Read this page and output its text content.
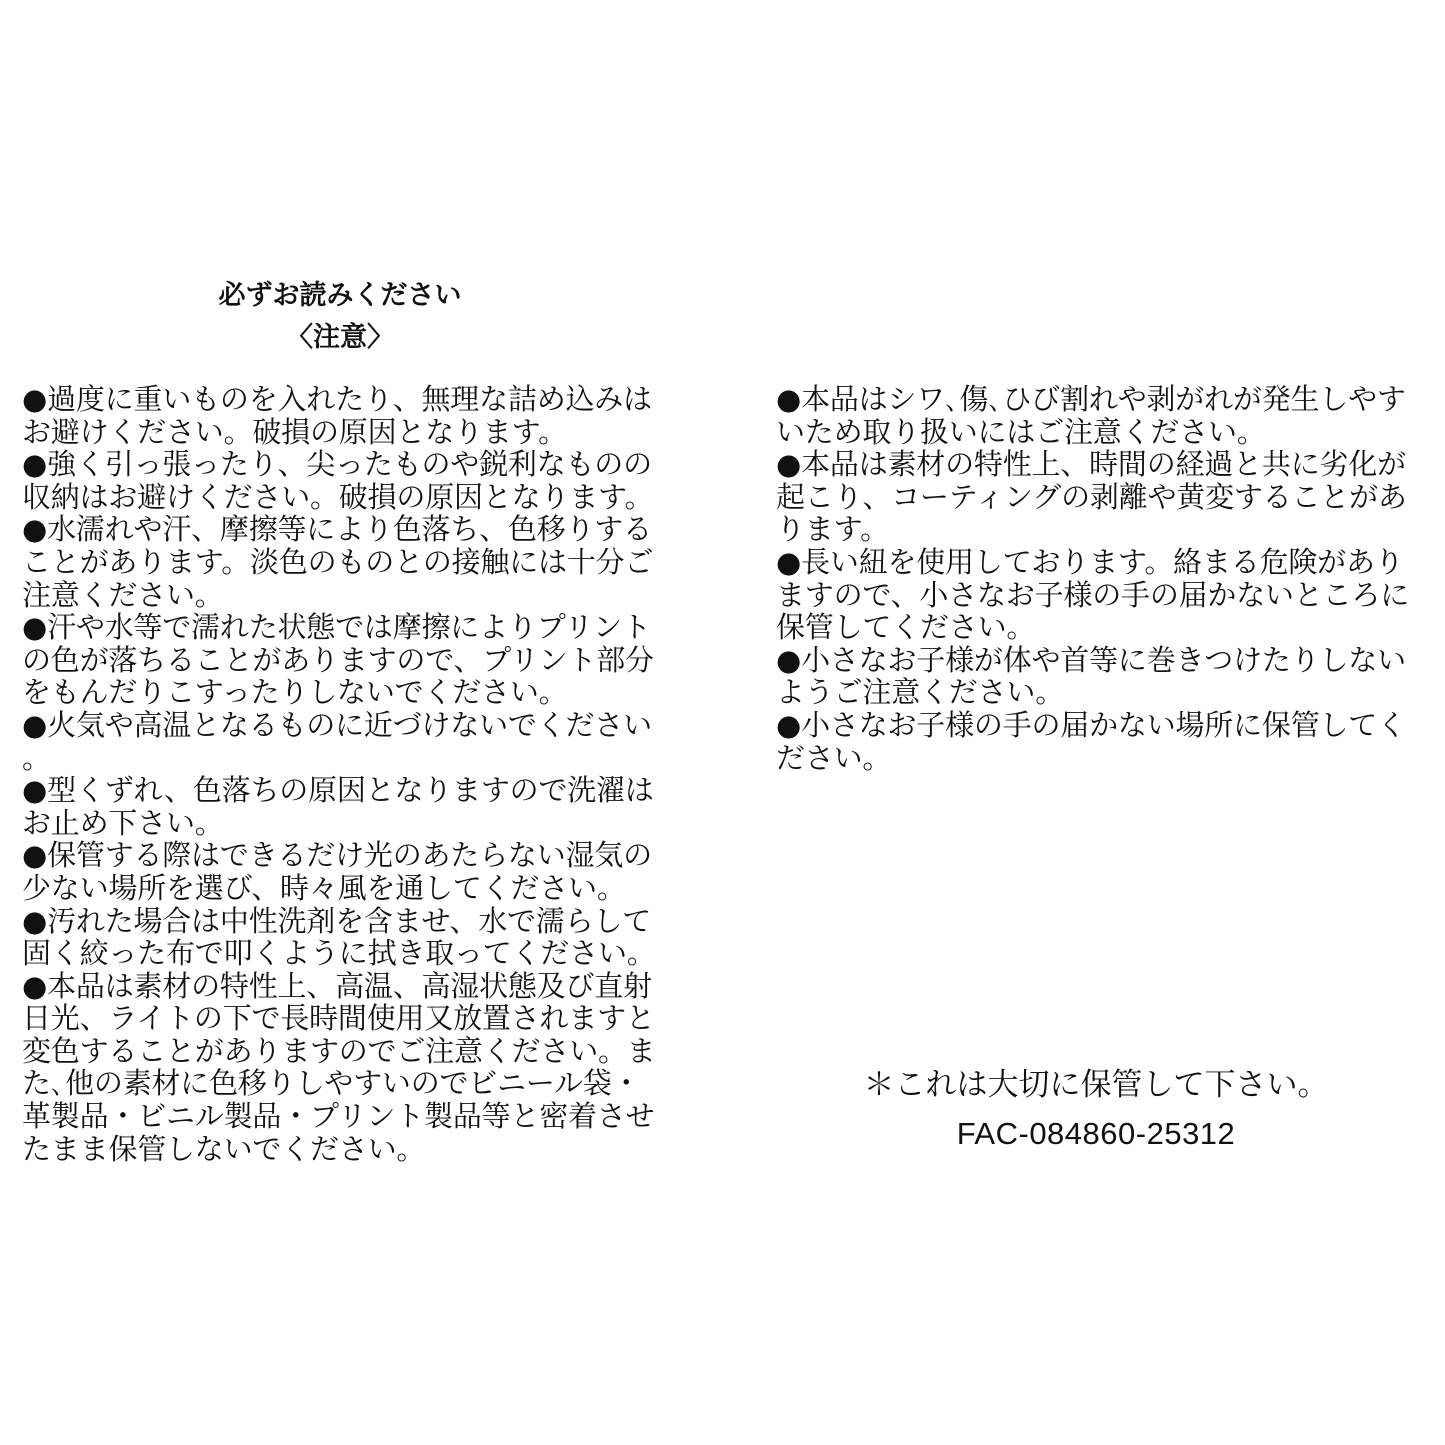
必ずお読みください
〈注意〉
●過度に重いものを入れたり、無理な詰め込みはお避けください。破損の原因となります。
●強く引っ張ったり、尖ったものや鋭利なものの収納はお避けください。破損の原因となります。
●水濡れや汗、摩擦等により色落ち、色移りすることがあります。淡色のものとの接触には十分ご注意ください。
●汗や水等で濡れた状態では摩擦によりプリントの色が落ちることがありますので、プリント部分をもんだりこすったりしないでください。
●火気や高温となるものに近づけないでください。
●型くずれ、色落ちの原因となりますので洗濯はお止め下さい。
●保管する際はできるだけ光のあたらない湿気の少ない場所を選び、時々風を通してください。
●汚れた場合は中性洗剤を含ませ、水で濡らして固く絞った布で叩くように拭き取ってください。
●本品は素材の特性上、高温、高湿状態及び直射日光、ライトの下で長時間使用又放置されますと変色することがありますのでご注意ください。また､他の素材に色移りしやすいのでビニール袋・革製品・ビニル製品・プリント製品等と密着させたまま保管しないでください。
●本品はシワ､傷､ひび割れや剥がれが発生しやすいため取り扱いにはご注意ください。
●本品は素材の特性上、時間の経過と共に劣化が起こり、コーティングの剥離や黄変することがあります。
●長い紐を使用しております。絡まる危険がありますので、小さなお子様の手の届かないところに保管してください。
●小さなお子様が体や首等に巻きつけたりしないようご注意ください。
●小さなお子様の手の届かない場所に保管してください。

＊これは大切に保管して下さい。

FAC-084860-25312
